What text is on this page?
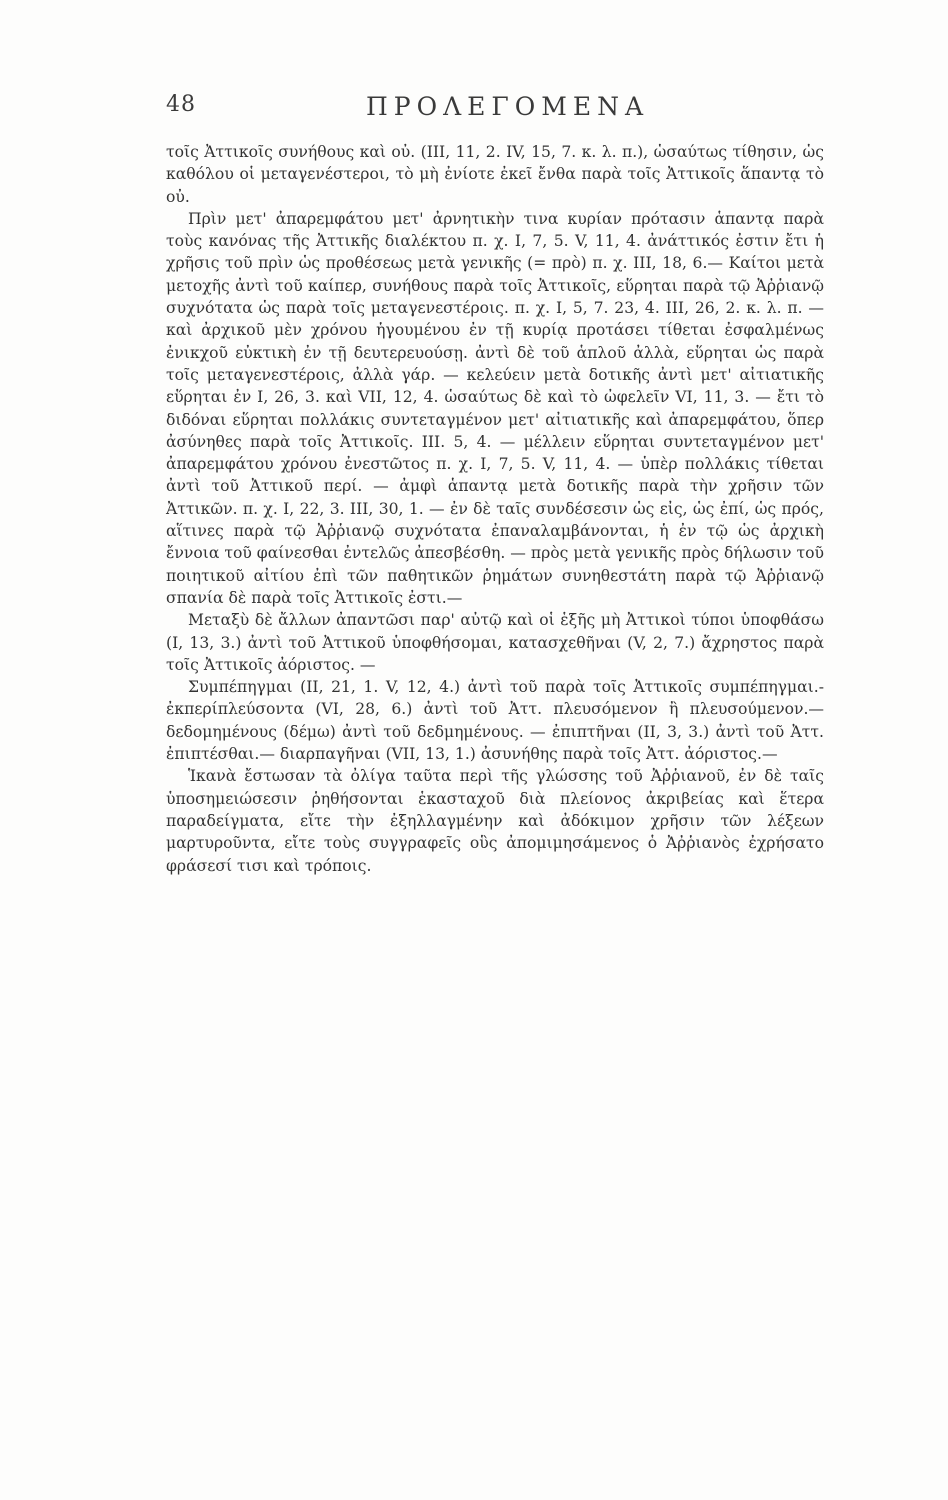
48	ΠΡΟΛΕΓΟΜΕΝΑ

τοῖς Ἀττικοῖς συνήθους καὶ οὐ. (III, 11, 2. IV, 15, 7. κ. λ. π.), ὡσαύτως τίθησιν, ὡς καθόλου οἱ μεταγενέστεροι, τὸ μὴ ἐνίοτε ἐκεῖ ἔνθα παρὰ τοῖς Ἀττικοῖς ἅπαντᾳ τὸ οὐ.

Πρὶν μετ' ἀπαρεμφάτου μετ' ἀρνητικὴν τινα κυρίαν πρότασιν ἁπαντᾳ παρὰ τοὺς κανόνας τῆς Ἀττικῆς διαλέκτου π. χ. I, 7, 5. V, 11, 4. ἀνάττικός ἐστιν ἔτι ἡ χρῆσις τοῦ πρὶν ὡς προθέσεως μετὰ γενικῆς (= πρὸ) π. χ. III, 18, 6.— Καίτοι μετὰ μετοχῆς ἀντὶ τοῦ καίπερ, συνήθους παρὰ τοῖς Ἀττικοῖς, εὕρηται παρὰ τῷ Ἀῤῥιανῷ συχνότατα ὡς παρὰ τοῖς μεταγενεστέροις. π. χ. I, 5, 7. 23, 4. III, 26, 2. κ. λ. π. — καὶ ἀρχικοῦ μὲν χρόνου ἡγουμένου ἐν τῇ κυρίᾳ προτάσει τίθεται ἐσφαλμένως ἐνικχοῦ εὐκτικὴ ἐν τῇ δευτερευούσῃ. ἀντὶ δὲ τοῦ ἁπλοῦ ἀλλὰ, εὕρηται ὡς παρὰ τοῖς μεταγενεστέροις, ἀλλὰ γάρ. — κελεύειν μετὰ δοτικῆς ἀντὶ μετ' αἰτιατικῆς εὕρηται ἐν I, 26, 3. καὶ VII, 12, 4. ὡσαύτως δὲ καὶ τὸ ὠφελεῖν VI, 11, 3. — ἔτι τὸ διδόναι εὕρηται πολλάκις συντεταγμένον μετ' αἰτιατικῆς καὶ ἀπαρεμφάτου, ὅπερ ἀσύνηθες παρὰ τοῖς Ἀττικοῖς. III. 5, 4. — μέλλειν εὕρηται συντεταγμένον μετ' ἀπαρεμφάτου χρόνου ἐνεστῶτος π. χ. I, 7, 5. V, 11, 4. — ὑπὲρ πολλάκις τίθεται ἀντὶ τοῦ Ἀττικοῦ περί. — ἀμφὶ ἁπαντᾳ μετὰ δοτικῆς παρὰ τὴν χρῆσιν τῶν Ἀττικῶν. π. χ. I, 22, 3. III, 30, 1. — ἐν δὲ ταῖς συνδέσεσιν ὡς εἰς, ὡς ἐπί, ὡς πρός, αἵτινες παρὰ τῷ Ἀῤῥιανῷ συχνότατα ἐπαναλαμβάνονται, ἡ ἐν τῷ ὡς ἀρχικὴ ἔννοια τοῦ φαίνεσθαι ἐντελῶς ἀπεσβέσθη. — πρὸς μετὰ γενικῆς πρὸς δήλωσιν τοῦ ποιητικοῦ αἰτίου ἐπὶ τῶν παθητικῶν ῥημάτων συνηθεστάτη παρὰ τῷ Ἀῤῥιανῷ σπανία δὲ παρὰ τοῖς Ἀττικοῖς ἐστι.—

Μεταξὺ δὲ ἄλλων ἀπαντῶσι παρ' αὐτῷ καὶ οἱ ἑξῆς μὴ Ἀττικοὶ τύποι ὑποφθάσω (I, 13, 3.) ἀντὶ τοῦ Ἀττικοῦ ὑποφθήσομαι, κατασχεθῆναι (V, 2, 7.) ἄχρηστος παρὰ τοῖς Ἀττικοῖς ἀόριστος. —

Συμπέπηγμαι (II, 21, 1. V, 12, 4.) ἀντὶ τοῦ παρὰ τοῖς Ἀττικοῖς συμπέπηγμαι.-ἐκπερίπλεύσοντα (VI, 28, 6.) ἀντὶ τοῦ Ἀττ. πλευσόμενον ἢ πλευσούμενον.—δεδομημένους (δέμω) ἀντὶ τοῦ δεδμημένους. — ἐπιπτῆναι (II, 3, 3.) ἀντὶ τοῦ Ἀττ. ἐπιπτέσθαι.— διαρπαγῆναι (VII, 13, 1.) ἀσυνήθης παρὰ τοῖς Ἀττ. ἀόριστος.—

Ἱκανὰ ἔστωσαν τὰ ὀλίγα ταῦτα περὶ τῆς γλώσσης τοῦ Ἀῤῥιανοῦ, ἐν δὲ ταῖς ὑποσημειώσεσιν ῥηθήσονται ἑκασταχοῦ διὰ πλείονος ἀκριβείας καὶ ἕτερα παραδείγματα, εἴτε τὴν ἐξηλλαγμένην καὶ ἀδόκιμον χρῆσιν τῶν λέξεων μαρτυροῦντα, εἴτε τοὺς συγγραφεῖς οὓς ἀπομιμησάμενος ὁ Ἀῤῥιανὸς ἐχρήσατο φράσεσί τισι καὶ τρόποις.
